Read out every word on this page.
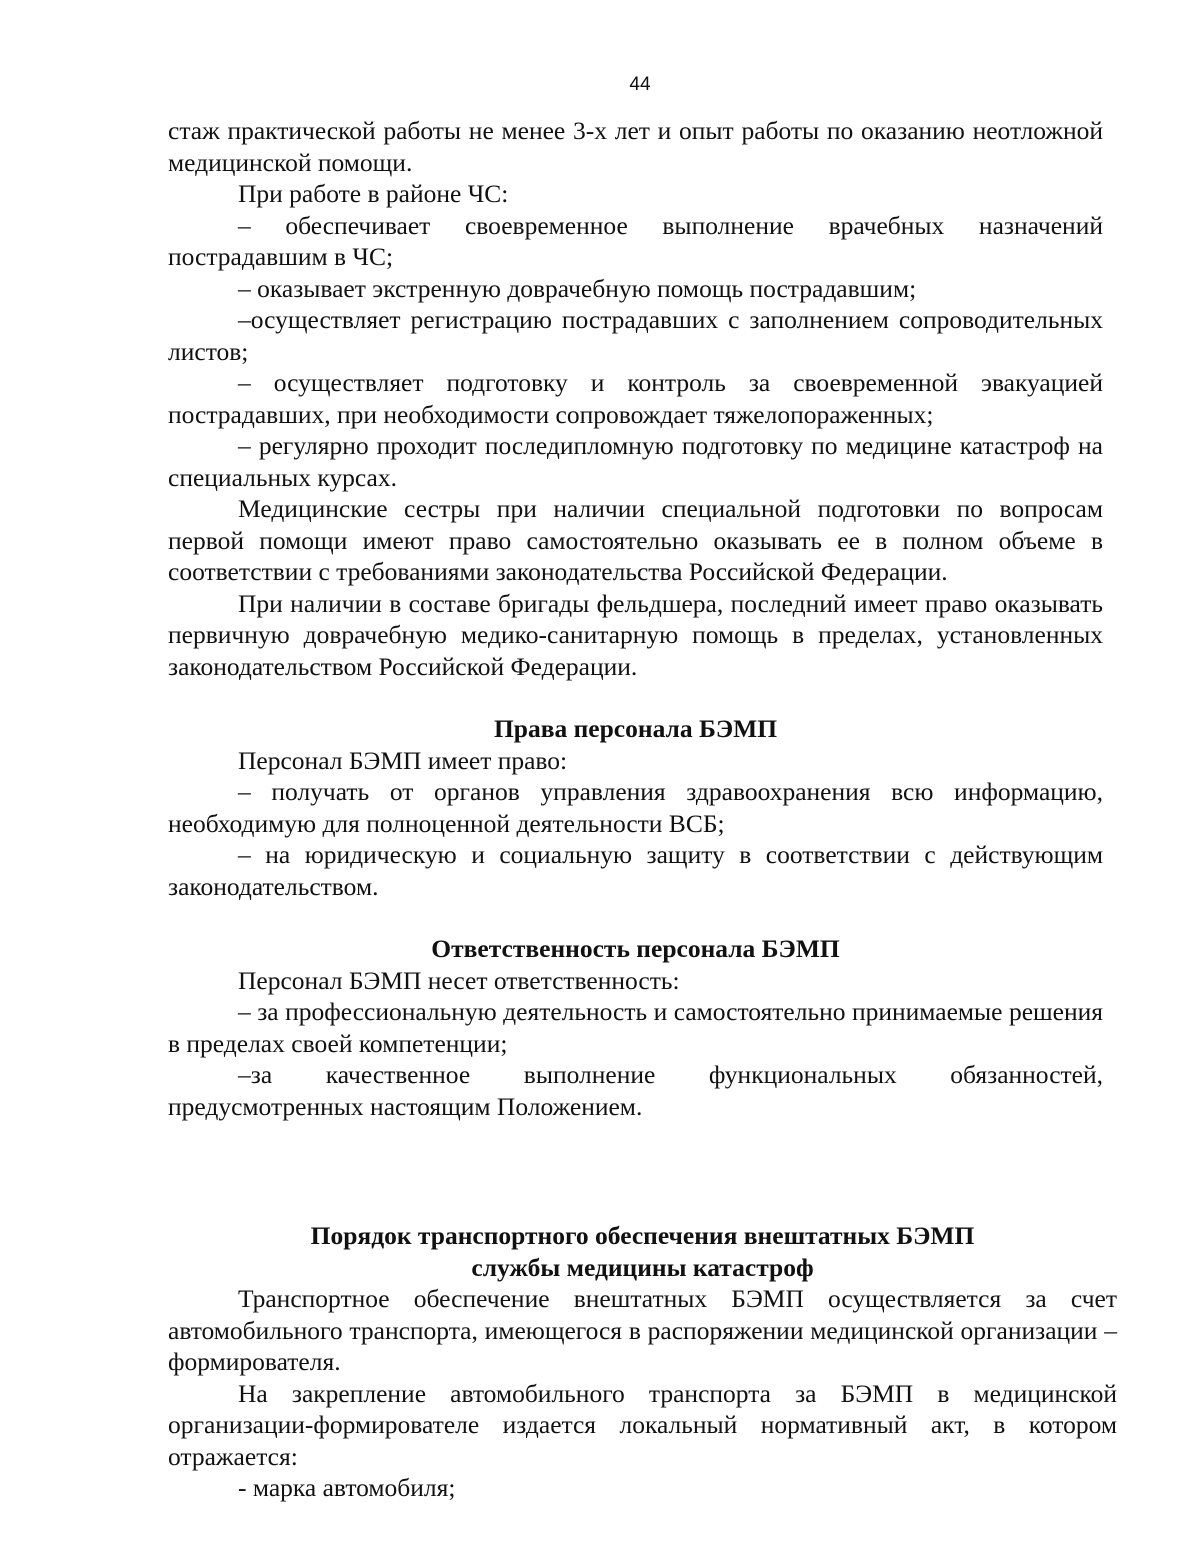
44

стаж практической работы не менее 3-х лет и опыт работы по оказанию неотложной медицинской помощи.

При работе в районе ЧС:

– обеспечивает своевременное выполнение врачебных назначений пострадавшим в ЧС;

– оказывает экстренную доврачебную помощь пострадавшим;

–осуществляет регистрацию пострадавших с заполнением сопроводительных листов;

– осуществляет подготовку и контроль за своевременной эвакуацией пострадавших, при необходимости сопровождает тяжелопораженных;

– регулярно проходит последипломную подготовку по медицине катастроф на специальных курсах.

Медицинские сестры при наличии специальной подготовки по вопросам первой помощи имеют право самостоятельно оказывать ее в полном объеме в соответствии с требованиями законодательства Российской Федерации.

При наличии в составе бригады фельдшера, последний имеет право оказывать первичную доврачебную медико-санитарную помощь в пределах, установленных законодательством Российской Федерации.

Права персонала БЭМП

Персонал БЭМП имеет право:

– получать от органов управления здравоохранения всю информацию, необходимую для полноценной деятельности ВСБ;

– на юридическую и социальную защиту в соответствии с действующим законодательством.

Ответственность персонала БЭМП

Персонал БЭМП несет ответственность:

– за профессиональную деятельность и самостоятельно принимаемые решения в пределах своей компетенции;

–за качественное выполнение функциональных обязанностей, предусмотренных настоящим Положением.

Порядок транспортного обеспечения внештатных БЭМП

службы медицины катастроф

Транспортное обеспечение внештатных БЭМП осуществляется за счет автомобильного транспорта, имеющегося в распоряжении медицинской организации – формирователя.

На закрепление автомобильного транспорта за БЭМП в медицинской организации-формирователе издается локальный нормативный акт, в котором отражается:

- марка автомобиля;
